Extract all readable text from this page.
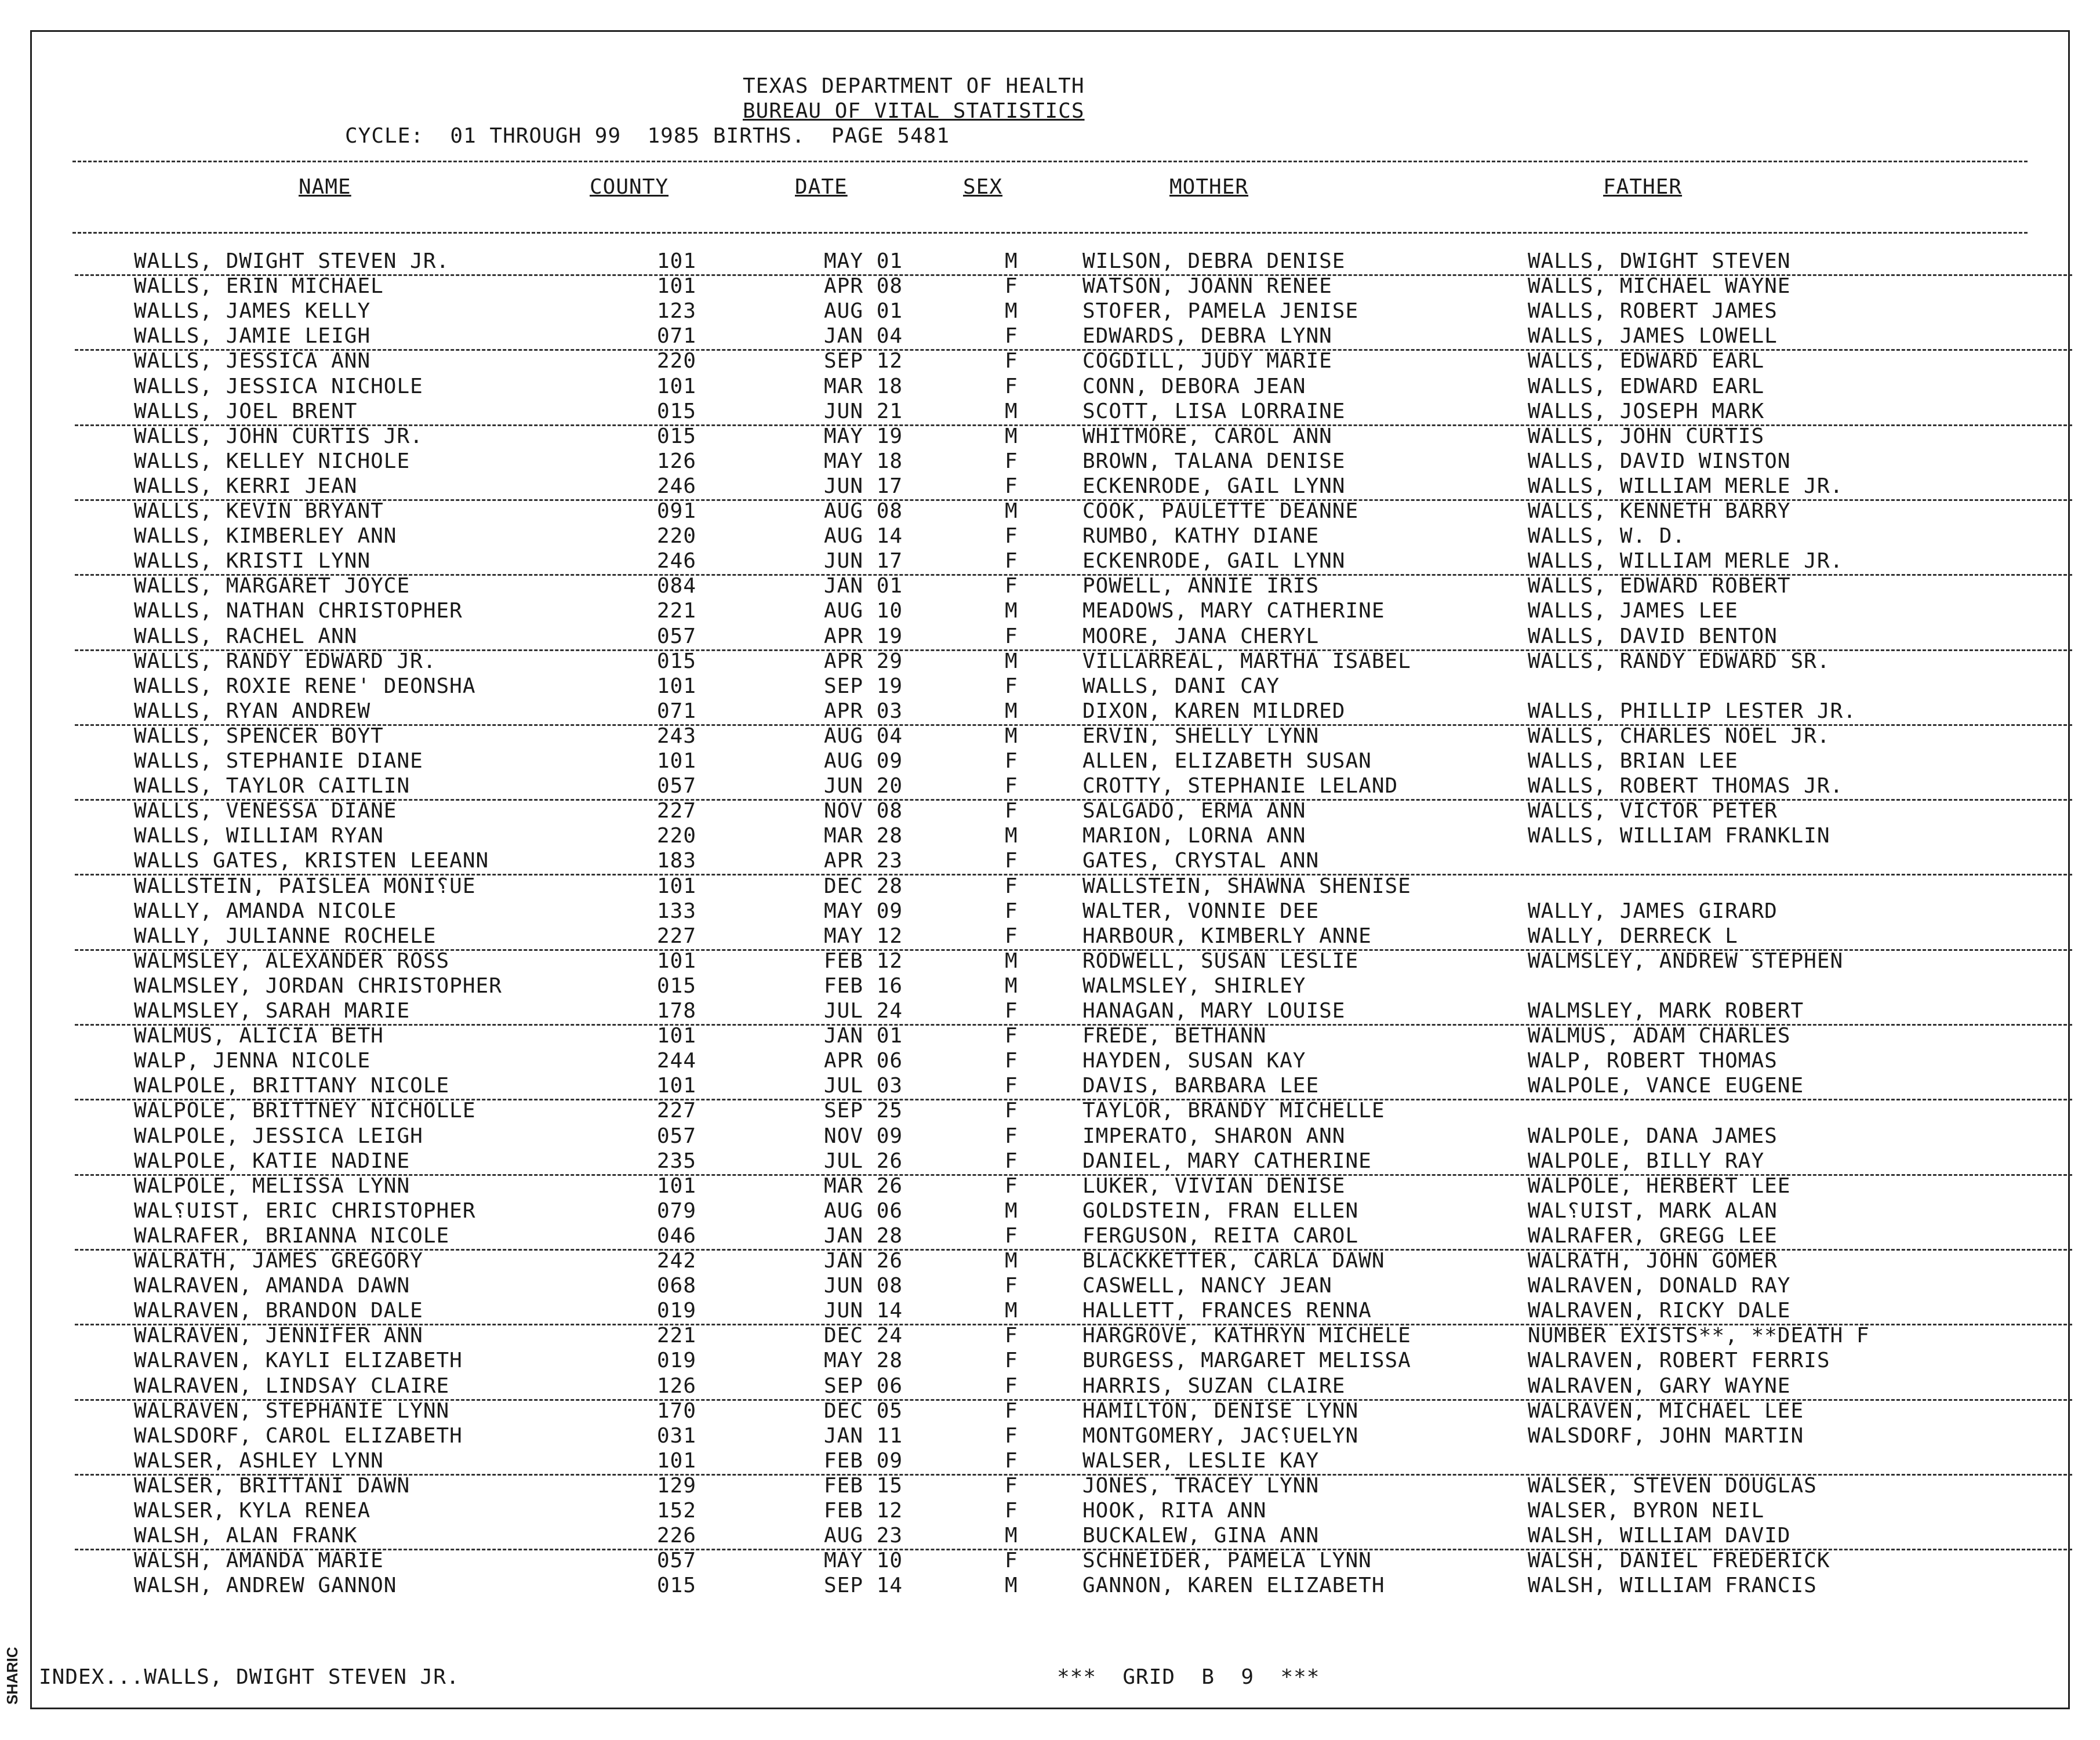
TEXAS DEPARTMENT OF HEALTH
BUREAU OF VITAL STATISTICS
CYCLE:  01 THROUGH 99  1985 BIRTHS.  PAGE 5481
NAME	COUNTY	DATE	SEX	MOTHER	FATHER
WALLS, DWIGHT STEVEN JR.	101	MAY 01	M	WILSON, DEBRA DENISE	WALLS, DWIGHT STEVEN
WALLS, ERIN MICHAEL	101	APR 08	F	WATSON, JOANN RENEE	WALLS, MICHAEL WAYNE
WALLS, JAMES KELLY	123	AUG 01	M	STOFER, PAMELA JENISE	WALLS, ROBERT JAMES
WALLS, JAMIE LEIGH	071	JAN 04	F	EDWARDS, DEBRA LYNN	WALLS, JAMES LOWELL
WALLS, JESSICA ANN	220	SEP 12	F	COGDILL, JUDY MARIE	WALLS, EDWARD EARL
WALLS, JESSICA NICHOLE	101	MAR 18	F	CONN, DEBORA JEAN	WALLS, EDWARD EARL
WALLS, JOEL BRENT	015	JUN 21	M	SCOTT, LISA LORRAINE	WALLS, JOSEPH MARK
WALLS, JOHN CURTIS JR.	015	MAY 19	M	WHITMORE, CAROL ANN	WALLS, JOHN CURTIS
WALLS, KELLEY NICHOLE	126	MAY 18	F	BROWN, TALANA DENISE	WALLS, DAVID WINSTON
WALLS, KERRI JEAN	246	JUN 17	F	ECKENRODE, GAIL LYNN	WALLS, WILLIAM MERLE JR.
WALLS, KEVIN BRYANT	091	AUG 08	M	COOK, PAULETTE DEANNE	WALLS, KENNETH BARRY
WALLS, KIMBERLEY ANN	220	AUG 14	F	RUMBO, KATHY DIANE	WALLS, W. D.
WALLS, KRISTI LYNN	246	JUN 17	F	ECKENRODE, GAIL LYNN	WALLS, WILLIAM MERLE JR.
WALLS, MARGARET JOYCE	084	JAN 01	F	POWELL, ANNIE IRIS	WALLS, EDWARD ROBERT
WALLS, NATHAN CHRISTOPHER	221	AUG 10	M	MEADOWS, MARY CATHERINE	WALLS, JAMES LEE
WALLS, RACHEL ANN	057	APR 19	F	MOORE, JANA CHERYL	WALLS, DAVID BENTON
WALLS, RANDY EDWARD JR.	015	APR 29	M	VILLARREAL, MARTHA ISABEL	WALLS, RANDY EDWARD SR.
WALLS, ROXIE RENE' DEONSHA	101	SEP 19	F	WALLS, DANI CAY
WALLS, RYAN ANDREW	071	APR 03	M	DIXON, KAREN MILDRED	WALLS, PHILLIP LESTER JR.
WALLS, SPENCER BOYT	243	AUG 04	M	ERVIN, SHELLY LYNN	WALLS, CHARLES NOEL JR.
WALLS, STEPHANIE DIANE	101	AUG 09	F	ALLEN, ELIZABETH SUSAN	WALLS, BRIAN LEE
WALLS, TAYLOR CAITLIN	057	JUN 20	F	CROTTY, STEPHANIE LELAND	WALLS, ROBERT THOMAS JR.
WALLS, VENESSA DIANE	227	NOV 08	F	SALGADO, ERMA ANN	WALLS, VICTOR PETER
WALLS, WILLIAM RYAN	220	MAR 28	M	MARION, LORNA ANN	WALLS, WILLIAM FRANKLIN
WALLS GATES, KRISTEN LEEANN	183	APR 23	F	GATES, CRYSTAL ANN
WALLSTEIN, PAISLEA MONI⸮UE	101	DEC 28	F	WALLSTEIN, SHAWNA SHENISE
WALLY, AMANDA NICOLE	133	MAY 09	F	WALTER, VONNIE DEE	WALLY, JAMES GIRARD
WALLY, JULIANNE ROCHELE	227	MAY 12	F	HARBOUR, KIMBERLY ANNE	WALLY, DERRECK L
WALMSLEY, ALEXANDER ROSS	101	FEB 12	M	RODWELL, SUSAN LESLIE	WALMSLEY, ANDREW STEPHEN
WALMSLEY, JORDAN CHRISTOPHER	015	FEB 16	M	WALMSLEY, SHIRLEY
WALMSLEY, SARAH MARIE	178	JUL 24	F	HANAGAN, MARY LOUISE	WALMSLEY, MARK ROBERT
WALMUS, ALICIA BETH	101	JAN 01	F	FREDE, BETHANN	WALMUS, ADAM CHARLES
WALP, JENNA NICOLE	244	APR 06	F	HAYDEN, SUSAN KAY	WALP, ROBERT THOMAS
WALPOLE, BRITTANY NICOLE	101	JUL 03	F	DAVIS, BARBARA LEE	WALPOLE, VANCE EUGENE
WALPOLE, BRITTNEY NICHOLLE	227	SEP 25	F	TAYLOR, BRANDY MICHELLE
WALPOLE, JESSICA LEIGH	057	NOV 09	F	IMPERATO, SHARON ANN	WALPOLE, DANA JAMES
WALPOLE, KATIE NADINE	235	JUL 26	F	DANIEL, MARY CATHERINE	WALPOLE, BILLY RAY
WALPOLE, MELISSA LYNN	101	MAR 26	F	LUKER, VIVIAN DENISE	WALPOLE, HERBERT LEE
WAL⸮UIST, ERIC CHRISTOPHER	079	AUG 06	M	GOLDSTEIN, FRAN ELLEN	WAL⸮UIST, MARK ALAN
WALRAFER, BRIANNA NICOLE	046	JAN 28	F	FERGUSON, REITA CAROL	WALRAFER, GREGG LEE
WALRATH, JAMES GREGORY	242	JAN 26	M	BLACKKETTER, CARLA DAWN	WALRATH, JOHN GOMER
WALRAVEN, AMANDA DAWN	068	JUN 08	F	CASWELL, NANCY JEAN	WALRAVEN, DONALD RAY
WALRAVEN, BRANDON DALE	019	JUN 14	M	HALLETT, FRANCES RENNA	WALRAVEN, RICKY DALE
WALRAVEN, JENNIFER ANN	221	DEC 24	F	HARGROVE, KATHRYN MICHELE	NUMBER EXISTS**, **DEATH F
WALRAVEN, KAYLI ELIZABETH	019	MAY 28	F	BURGESS, MARGARET MELISSA	WALRAVEN, ROBERT FERRIS
WALRAVEN, LINDSAY CLAIRE	126	SEP 06	F	HARRIS, SUZAN CLAIRE	WALRAVEN, GARY WAYNE
WALRAVEN, STEPHANIE LYNN	170	DEC 05	F	HAMILTON, DENISE LYNN	WALRAVEN, MICHAEL LEE
WALSDORF, CAROL ELIZABETH	031	JAN 11	F	MONTGOMERY, JAC⸮UELYN	WALSDORF, JOHN MARTIN
WALSER, ASHLEY LYNN	101	FEB 09	F	WALSER, LESLIE KAY
WALSER, BRITTANI DAWN	129	FEB 15	F	JONES, TRACEY LYNN	WALSER, STEVEN DOUGLAS
WALSER, KYLA RENEA	152	FEB 12	F	HOOK, RITA ANN	WALSER, BYRON NEIL
WALSH, ALAN FRANK	226	AUG 23	M	BUCKALEW, GINA ANN	WALSH, WILLIAM DAVID
WALSH, AMANDA MARIE	057	MAY 10	F	SCHNEIDER, PAMELA LYNN	WALSH, DANIEL FREDERICK
WALSH, ANDREW GANNON	015	SEP 14	M	GANNON, KAREN ELIZABETH	WALSH, WILLIAM FRANCIS
INDEX...WALLS, DWIGHT STEVEN JR.	***  GRID  B  9  ***
SHARIC
